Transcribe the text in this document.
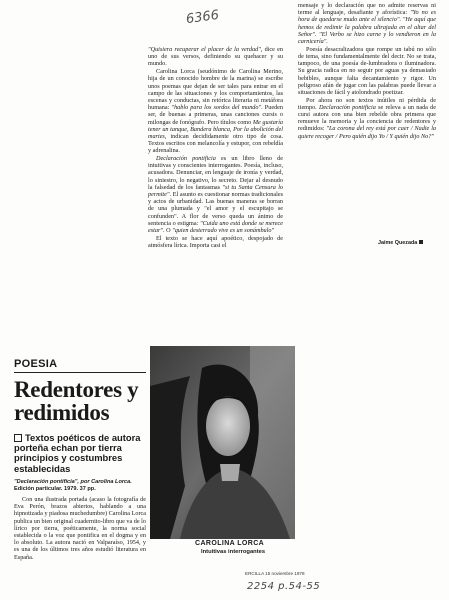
6366

"Quisiera recuperar el placer de la verdad", dice en uno de sus versos, definiendo su quehacer y su mundo.

Carolina Lorca (seudónimo de Carolina Merino, hija de un conocido hombre de la marina) se escribe unos poemas que dejan de ser tales para entrar en el campo de las situaciones y los comportamientos, las escenas y conductas, sin retórica literaria ni metáfora humana: "hablo para los sordos del mundo". Pueden ser, de buenas a primeras, unas canciones cursis o milongas de fonógrafo. Pero títulos como Me gustaría tener un tanque, Bandera blanca, Por la abolición del martes, indican decididamente otro tipo de cosa. Textos escritos con melancolía y estupor, con rebeldía y adrenalina.

Declaración pontificia es un libro lleno de intuitivas y conscientes interrogantes. Poesía, incluso, acusadora. Denunciar, en lenguaje de ironía y verdad, lo siniestro, lo negativo, lo secreto. Dejar al desnudo la falsedad de los fantasmas "si tu Santa Censura lo permite". El asunto es cuestionar normas tradicionales y actos de urbanidad. Las buenas maneras se borran de una plumada y "el amor y el escupitajo se confunden". A flor de verso queda un ánimo de sentencia o estigma: "Cuida uno está donde se merece estar". O "quien desterrado vive es un sonámbulo"

El texto se hace aquí apoético, despojado de atmósfera lírica. Importa casi el

mensaje y lo declaración que no admite reservas ni terme al lenguaje, desafiante y aforística: "Yo no es hora de quedarse mudo ante el silencio". "He aquí que hemos de redimir la palabra ultrajada en el altar del Señor". "El Verbo se hizo carne y lo vendieron en la carnicería".

Poesía desacralizadora que rompe un tabú no sólo de tema, sino fundamentalmente del decir. No se trata, tampoco, de una poesía de-lumbradora o iluminadora. Su gracia radica en no seguir por aguas ya demasiado bebibles, aunque falta decantamiento y rigor. Un peligroso afán de jugar con las palabras puede llevar a situaciones de fácil y atolondrado poetizar.

Por ahora no son textos inútiles ni pérdida de tiempo. Declaración pontificia se releva a un nada de cursi autora con una bien rebelde obra primera que remueve la memoria y la conciencia de redentores y redimidos: "La corona del rey está por caer / Nadie la quiere recoger / Pero quién dijo Yo / Y quién dijo No?"

Jaime Quezada
POESIA
Redentores y redimidos
Textos poéticos de autora porteña echan por tierra principios y costumbres establecidas
"Declaración pontificia", por Carolina Lorca. Edición particular. 1979. 37 pp.

Con una ilustrada portada (acaso la fotografía de Eva Perón, brazos abiertos, hablando a una hipnotizada y piadosa muchedumbre) Carolina Lorca publica un bien original cuadernito-libro que va de lo lírico por tierra, poéticamente, la norma social establecida o la voz que pontifica en el dogma y en lo absoluto. La autora nació en Valparaíso, 1954, y es una de los últimos tres años estudió literatura en España.

CAROLINA LORCA
Intuitivas interrogantes
ERCILLA 15 noviembre 1978
2254 p.54-55
